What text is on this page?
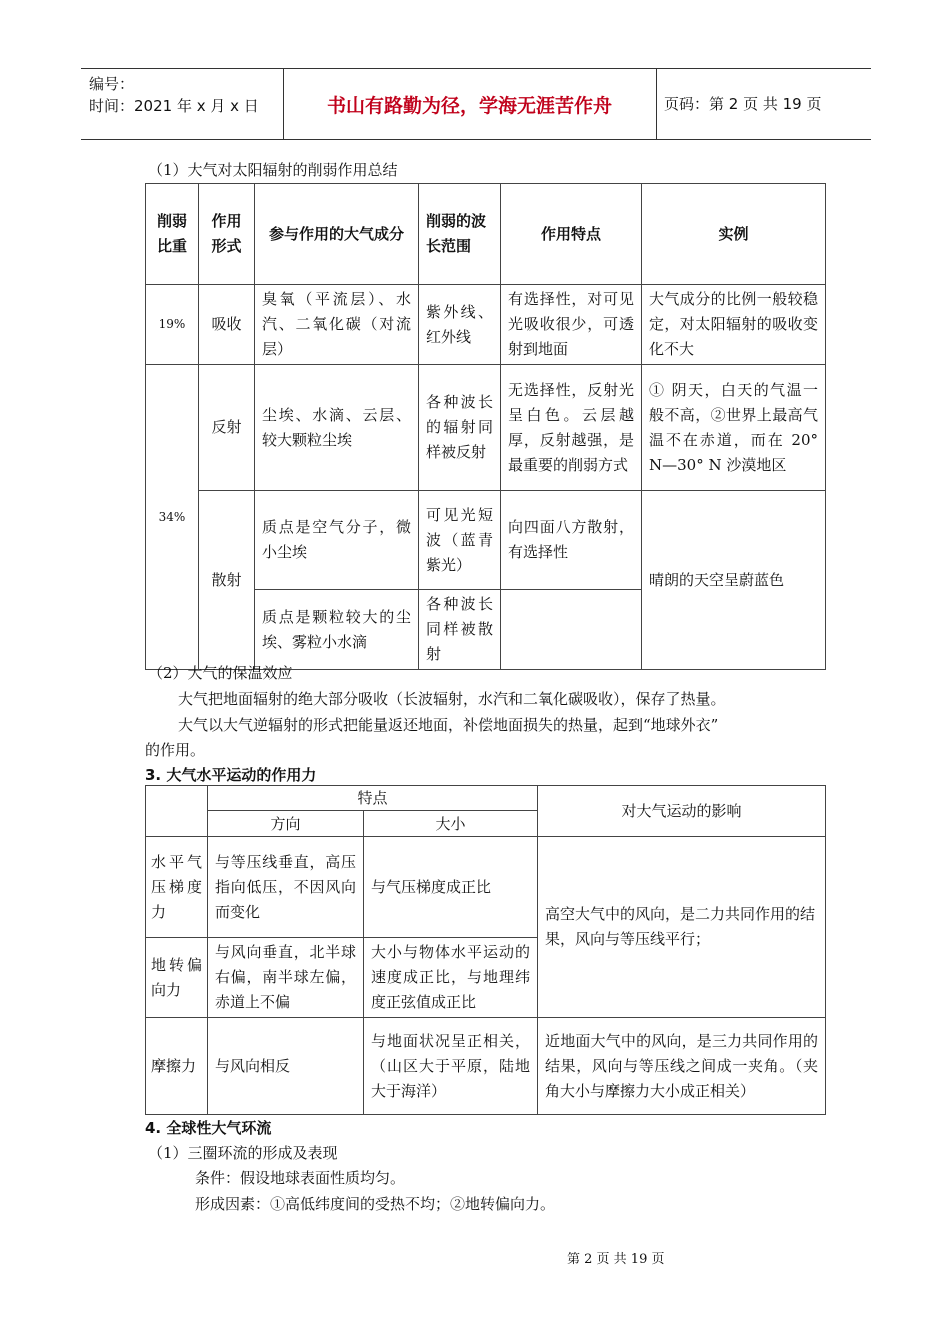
编号：
时间：2021 年 x 月 x 日	书山有路勤为径，学海无涯苦作舟	页码：第 2 页 共 19 页
（1）大气对太阳辐射的削弱作用总结
削弱比重	作用形式	参与作用的大气成分	削弱的波长范围	作用特点	实例
19%	吸收	臭氧（平流层）、水汽、二氧化碳（对流层）	紫外线、红外线	有选择性，对可见光吸收很少，可透射到地面	大气成分的比例一般较稳定，对太阳辐射的吸收变化不大
34%	反射	尘埃、水滴、云层、较大颗粒尘埃	各种波长的辐射同样被反射	无选择性，反射光呈白色。云层越厚，反射越强，是最重要的削弱方式	① 阴天，白天的气温一般不高，②世界上最高气温不在赤道，而在 20° N—30° N 沙漠地区
	散射	质点是空气分子，微小尘埃	可见光短波（蓝青紫光）	向四面八方散射，有选择性	晴朗的天空呈蔚蓝色
		质点是颗粒较大的尘埃、雾粒小水滴	各种波长同样被散射		
（2）大气的保温效应
大气把地面辐射的绝大部分吸收（长波辐射，水汽和二氧化碳吸收），保存了热量。
大气以大气逆辐射的形式把能量返还地面，补偿地面损失的热量，起到“地球外衣”
的作用。
3. 大气水平运动的作用力
	特点		对大气运动的影响
	方向	大小	
水平气压梯度力	与等压线垂直，高压指向低压，不因风向而变化	与气压梯度成正比	高空大气中的风向，是二力共同作用的结果，风向与等压线平行；
地转偏向力	与风向垂直，北半球右偏，南半球左偏，赤道上不偏	大小与物体水平运动的速度成正比，与地理纬度正弦值成正比	
摩擦力	与风向相反	与地面状况呈正相关，（山区大于平原，陆地大于海洋）	近地面大气中的风向，是三力共同作用的结果，风向与等压线之间成一夹角。（夹角大小与摩擦力大小成正相关）
4. 全球性大气环流
（1）三圈环流的形成及表现
条件：假设地球表面性质均匀。
形成因素：①高低纬度间的受热不均；②地转偏向力。
第 2 页 共 19 页
